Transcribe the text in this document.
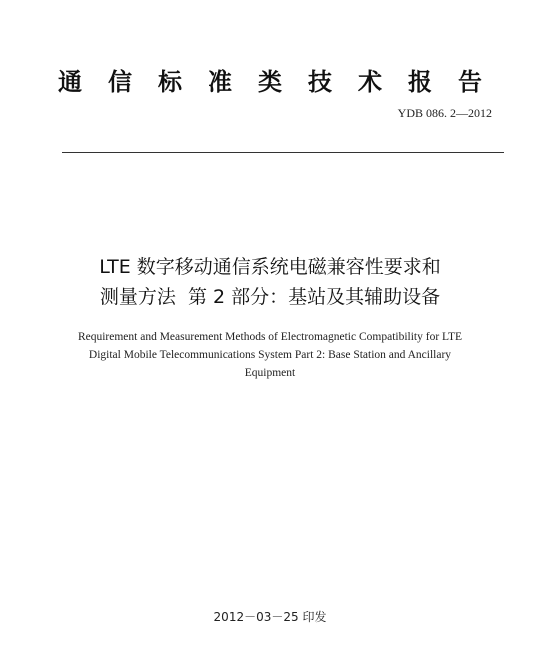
通信标准类技术报告
YDB 086. 2—2012
LTE 数字移动通信系统电磁兼容性要求和
测量方法  第 2 部分：基站及其辅助设备
Requirement and Measurement Methods of Electromagnetic Compatibility for LTE
Digital Mobile Telecommunications System Part 2: Base Station and Ancillary
Equipment
2012－03－25 印发
